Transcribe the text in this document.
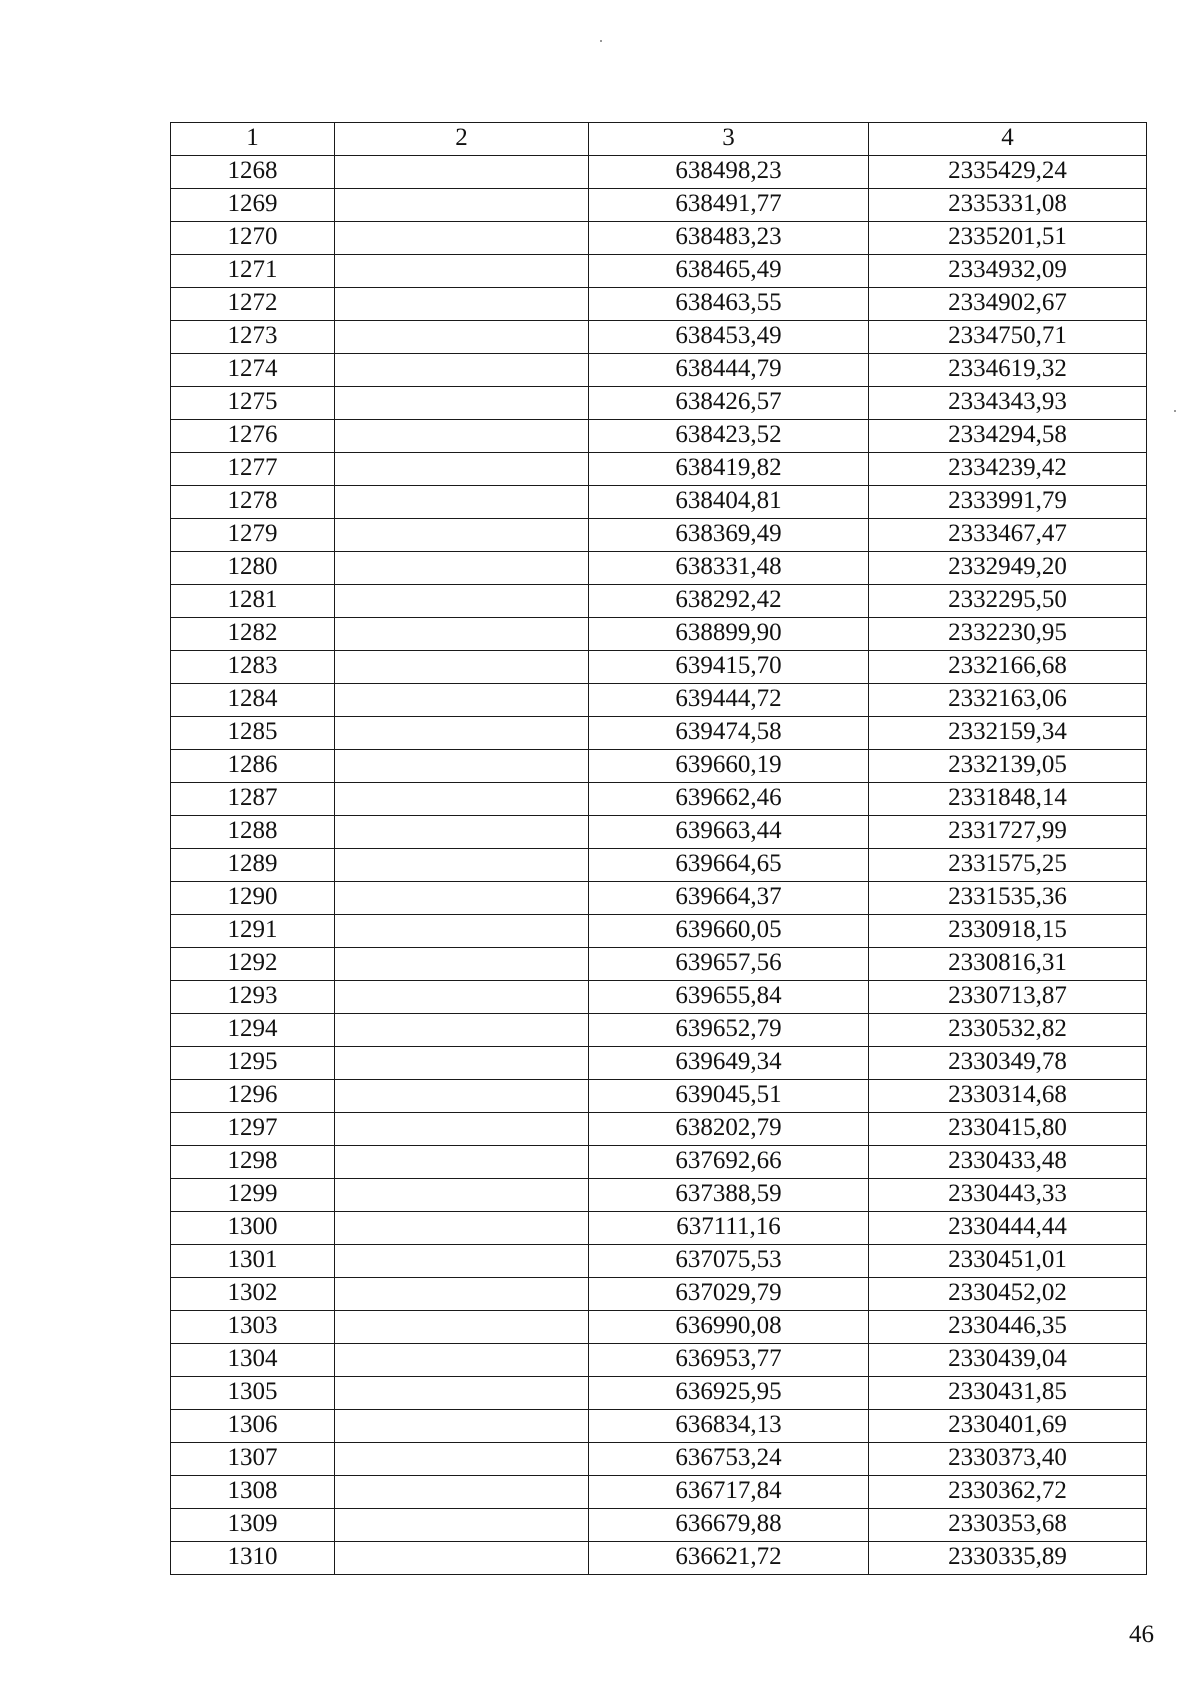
1	2	3	4
1268		638498,23	2335429,24
1269		638491,77	2335331,08
1270		638483,23	2335201,51
1271		638465,49	2334932,09
1272		638463,55	2334902,67
1273		638453,49	2334750,71
1274		638444,79	2334619,32
1275		638426,57	2334343,93
1276		638423,52	2334294,58
1277		638419,82	2334239,42
1278		638404,81	2333991,79
1279		638369,49	2333467,47
1280		638331,48	2332949,20
1281		638292,42	2332295,50
1282		638899,90	2332230,95
1283		639415,70	2332166,68
1284		639444,72	2332163,06
1285		639474,58	2332159,34
1286		639660,19	2332139,05
1287		639662,46	2331848,14
1288		639663,44	2331727,99
1289		639664,65	2331575,25
1290		639664,37	2331535,36
1291		639660,05	2330918,15
1292		639657,56	2330816,31
1293		639655,84	2330713,87
1294		639652,79	2330532,82
1295		639649,34	2330349,78
1296		639045,51	2330314,68
1297		638202,79	2330415,80
1298		637692,66	2330433,48
1299		637388,59	2330443,33
1300		637111,16	2330444,44
1301		637075,53	2330451,01
1302		637029,79	2330452,02
1303		636990,08	2330446,35
1304		636953,77	2330439,04
1305		636925,95	2330431,85
1306		636834,13	2330401,69
1307		636753,24	2330373,40
1308		636717,84	2330362,72
1309		636679,88	2330353,68
1310		636621,72	2330335,89
46
